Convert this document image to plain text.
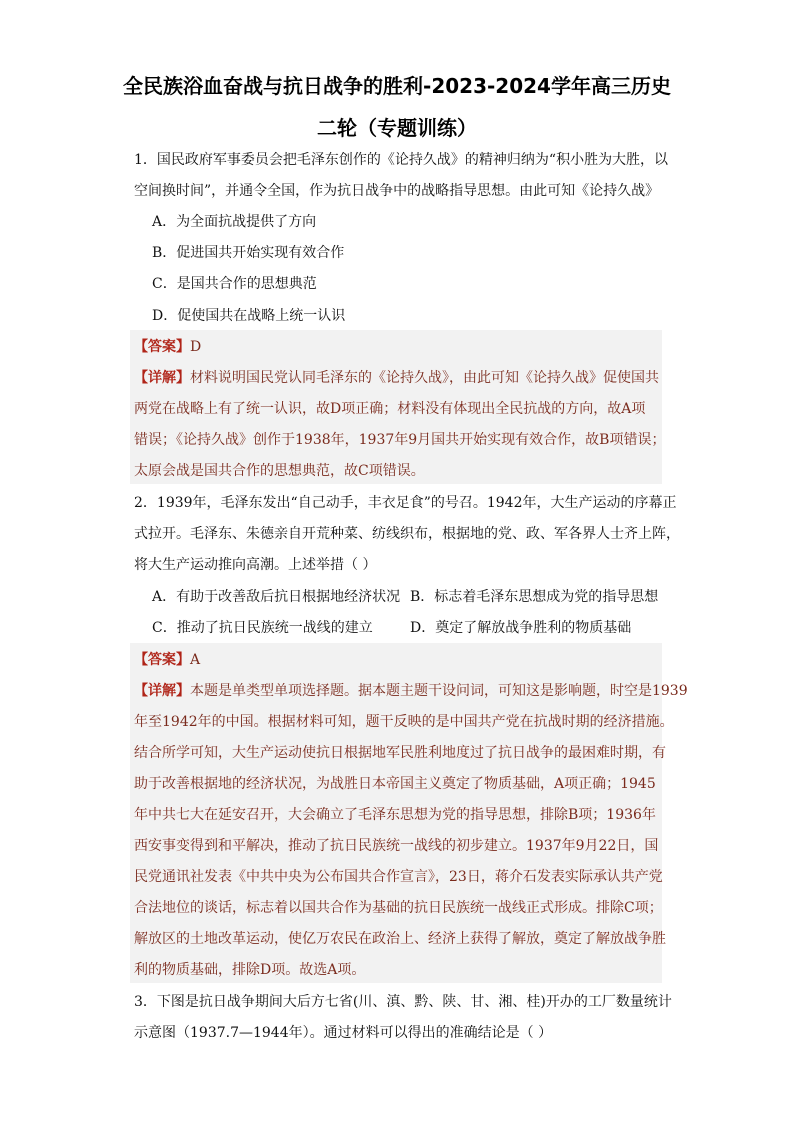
全民族浴血奋战与抗日战争的胜利-2023-2024学年高三历史
二轮（专题训练）
1．国民政府军事委员会把毛泽东创作的《论持久战》的精神归纳为“积小胜为大胜，以
空间换时间”，并通令全国，作为抗日战争中的战略指导思想。由此可知《论持久战》
A．为全面抗战提供了方向
B．促进国共开始实现有效合作
C．是国共合作的思想典范
D．促使国共在战略上统一认识
【答案】D
【详解】材料说明国民党认同毛泽东的《论持久战》，由此可知《论持久战》促使国共
两党在战略上有了统一认识，故D项正确；材料没有体现出全民抗战的方向，故A项
错误；《论持久战》创作于1938年，1937年9月国共开始实现有效合作，故B项错误；
太原会战是国共合作的思想典范，故C项错误。
2．1939年，毛泽东发出“自己动手，丰衣足食”的号召。1942年，大生产运动的序幕正
式拉开。毛泽东、朱德亲自开荒种菜、纺线织布，根据地的党、政、军各界人士齐上阵，
将大生产运动推向高潮。上述举措（ ）
A．有助于改善敌后抗日根据地经济状况 B．标志着毛泽东思想成为党的指导思想
C．推动了抗日民族统一战线的建立	D．奠定了解放战争胜利的物质基础
【答案】A
【详解】本题是单类型单项选择题。据本题主题干设问词，可知这是影响题，时空是1939
年至1942年的中国。根据材料可知，题干反映的是中国共产党在抗战时期的经济措施。
结合所学可知，大生产运动使抗日根据地军民胜利地度过了抗日战争的最困难时期，有
助于改善根据地的经济状况，为战胜日本帝国主义奠定了物质基础，A项正确；1945
年中共七大在延安召开，大会确立了毛泽东思想为党的指导思想，排除B项；1936年
西安事变得到和平解决，推动了抗日民族统一战线的初步建立。1937年9月22日，国
民党通讯社发表《中共中央为公布国共合作宣言》，23日，蒋介石发表实际承认共产党
合法地位的谈话，标志着以国共合作为基础的抗日民族统一战线正式形成。排除C项；
解放区的土地改革运动，使亿万农民在政治上、经济上获得了解放，奠定了解放战争胜
利的物质基础，排除D项。故选A项。
3．下图是抗日战争期间大后方七省(川、滇、黔、陕、甘、湘、桂)开办的工厂数量统计
示意图（1937.7—1944年）。通过材料可以得出的准确结论是（ ）
